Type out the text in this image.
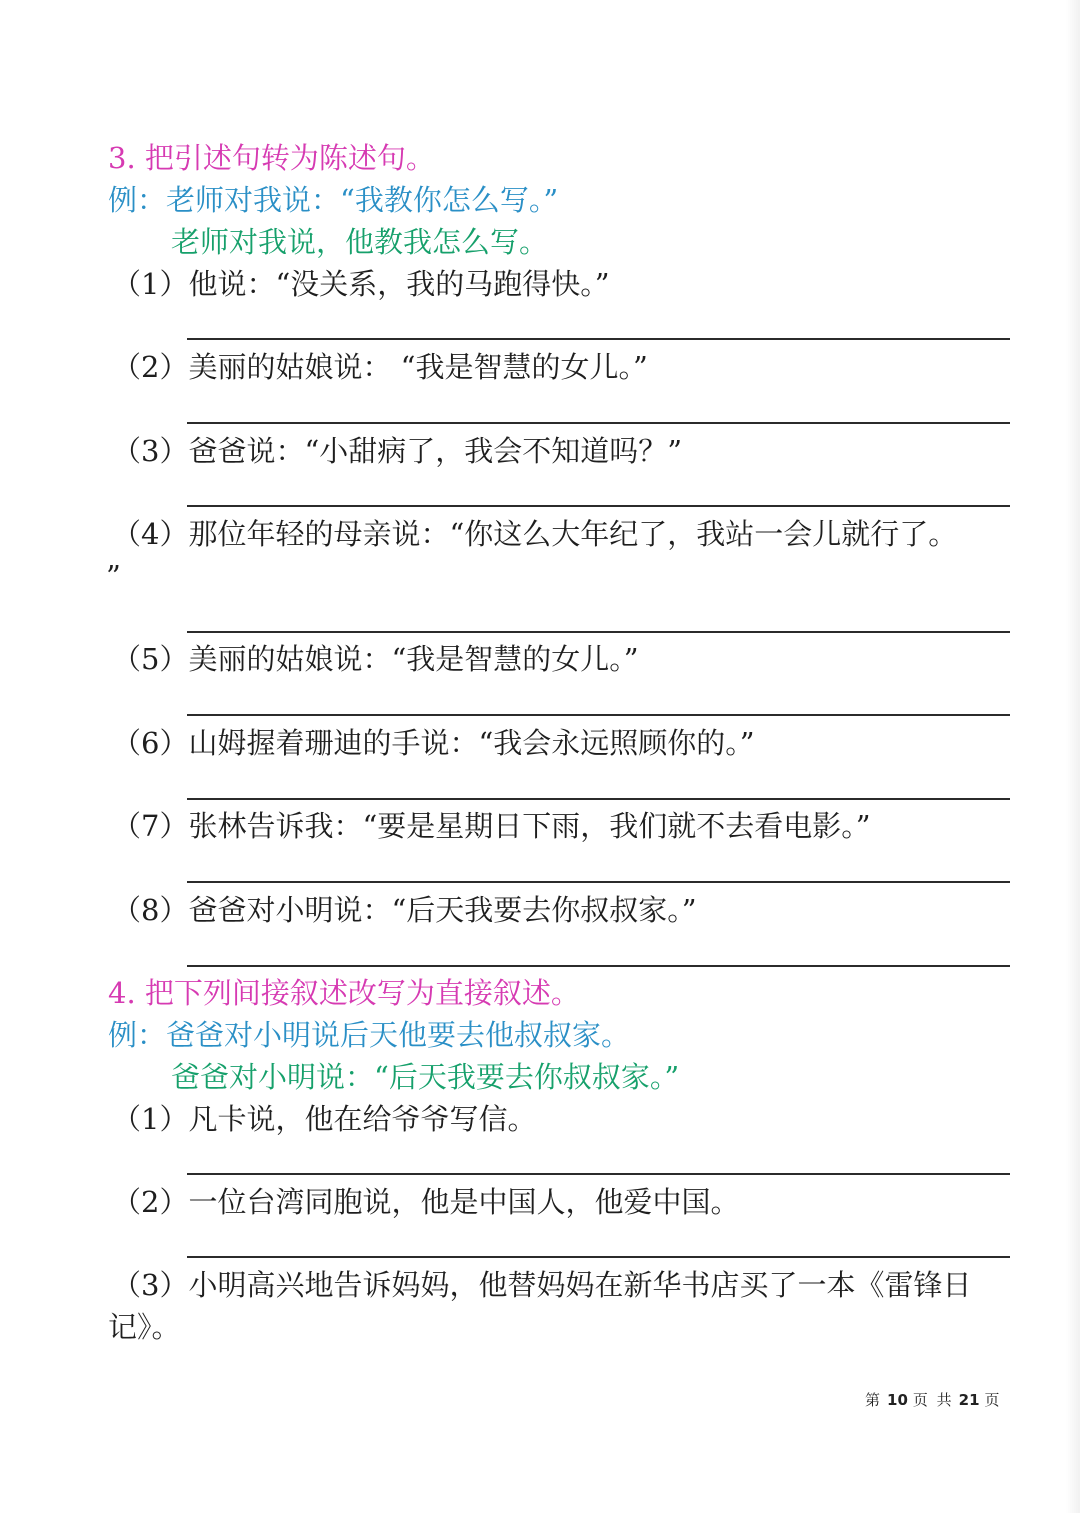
3. 把引述句转为陈述句。
例：老师对我说：“我教你怎么写。”
老师对我说，他教我怎么写。
（1）他说：“没关系，我的马跑得快。”
（2）美丽的姑娘说： “我是智慧的女儿。”
（3）爸爸说：“小甜病了，我会不知道吗？”
（4）那位年轻的母亲说：“你这么大年纪了，我站一会儿就行了。
”
（5）美丽的姑娘说：“我是智慧的女儿。”
（6）山姆握着珊迪的手说：“我会永远照顾你的。”
（7）张林告诉我：“要是星期日下雨，我们就不去看电影。”
（8）爸爸对小明说：“后天我要去你叔叔家。”
4. 把下列间接叙述改写为直接叙述。
例：爸爸对小明说后天他要去他叔叔家。
爸爸对小明说：“后天我要去你叔叔家。”
（1）凡卡说，他在给爷爷写信。
（2）一位台湾同胞说，他是中国人，他爱中国。
（3）小明高兴地告诉妈妈，他替妈妈在新华书店买了一本《雷锋日
记》。
第 10 页 共 21 页
